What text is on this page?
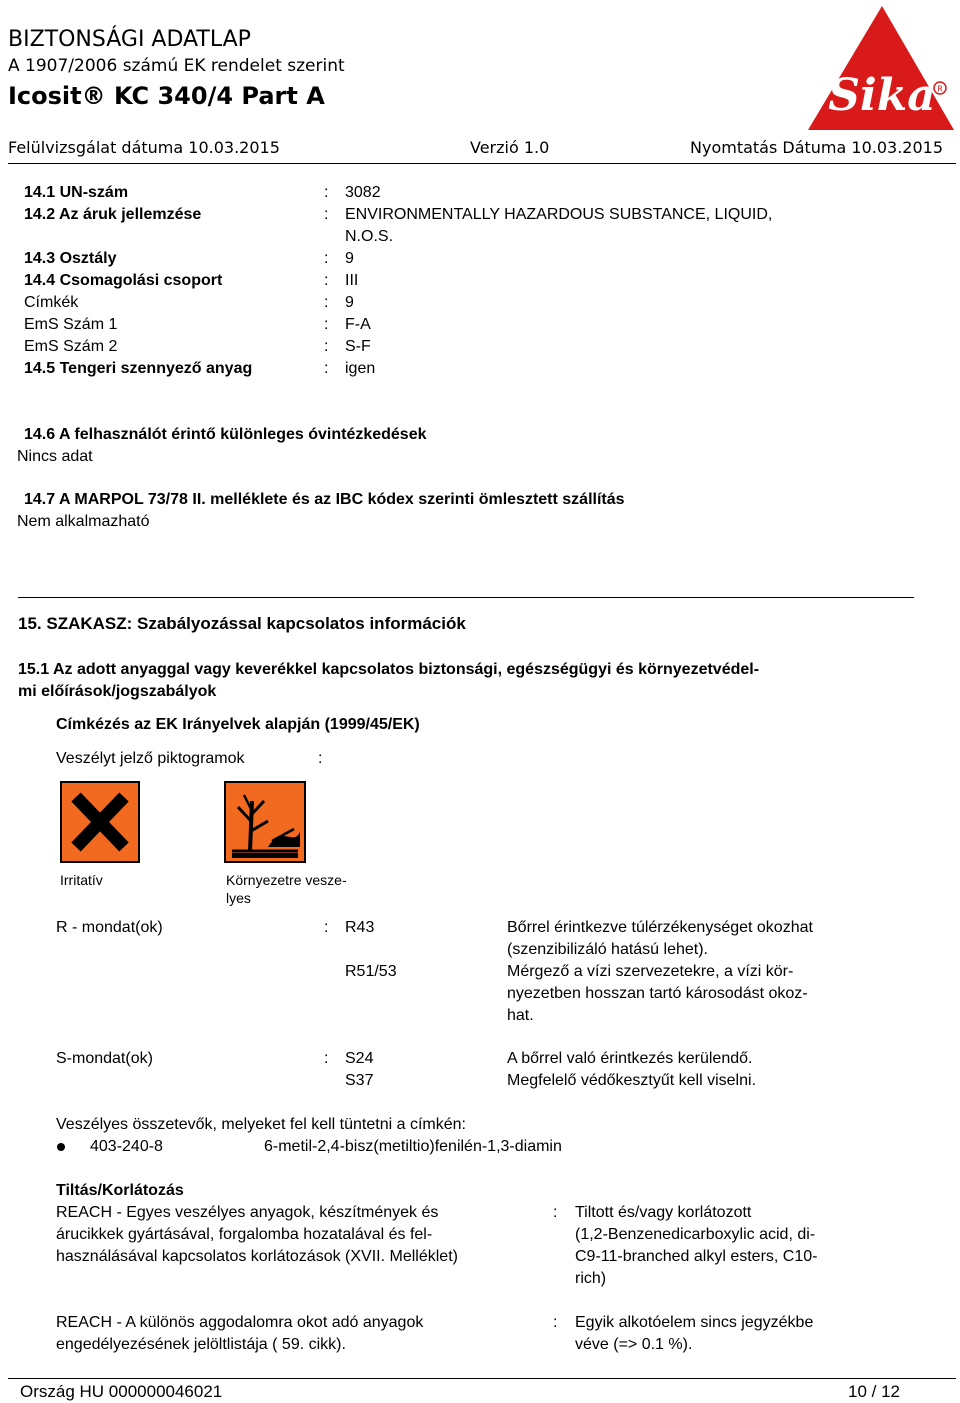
BIZTONSÁGI ADATLAP
A 1907/2006 számú EK rendelet szerint
Icosit® KC 340/4 Part A
Felülvizsgálat dátuma 10.03.2015	Verzió 1.0	Nyomtatás Dátuma 10.03.2015
Sika R
14.1 UN-szám	: 3082
14.2 Az áruk jellemzése	: ENVIRONMENTALLY HAZARDOUS SUBSTANCE, LIQUID,
N.O.S.
14.3 Osztály	: 9
14.4 Csomagolási csoport	: III
Címkék	: 9
EmS Szám 1	: F-A
EmS Szám 2	: S-F
14.5 Tengeri szennyező anyag	: igen
14.6 A felhasználót érintő különleges óvintézkedések
Nincs adat
14.7 A MARPOL 73/78 II. melléklete és az IBC kódex szerinti ömlesztett szállítás
Nem alkalmazható
15. SZAKASZ: Szabályozással kapcsolatos információk
15.1 Az adott anyaggal vagy keverékkel kapcsolatos biztonsági, egészségügyi és környezetvédel-
mi előírások/jogszabályok
Címkézés az EK Irányelvek alapján (1999/45/EK)
Veszélyt jelző piktogramok	:
Irritatív	Környezetre vesze-
lyes
R - mondat(ok)	: R43	Bőrrel érintkezve túlérzékenységet okozhat
(szenzibilizáló hatású lehet).
R51/53	Mérgező a vízi szervezetekre, a vízi kör-
nyezetben hosszan tartó károsodást okoz-
hat.
S-mondat(ok)	: S24	A bőrrel való érintkezés kerülendő.
S37	Megfelelő védőkesztyűt kell viselni.
Veszélyes összetevők, melyeket fel kell tüntetni a címkén:
403-240-8	6-metil-2,4-bisz(metiltio)fenilén-1,3-diamin
Tiltás/Korlátozás
REACH - Egyes veszélyes anyagok, készítmények és
árucikkek gyártásával, forgalomba hozatalával és fel-
használásával kapcsolatos korlátozások (XVII. Melléklet)
: Tiltott és/vagy korlátozott
(1,2-Benzenedicarboxylic acid, di-
C9-11-branched alkyl esters, C10-
rich)
REACH - A különös aggodalomra okot adó anyagok
engedélyezésének jelöltlistája ( 59. cikk).
: Egyik alkotóelem sincs jegyzékbe
véve (=> 0.1 %).
Ország HU 000000046021	10 / 12
